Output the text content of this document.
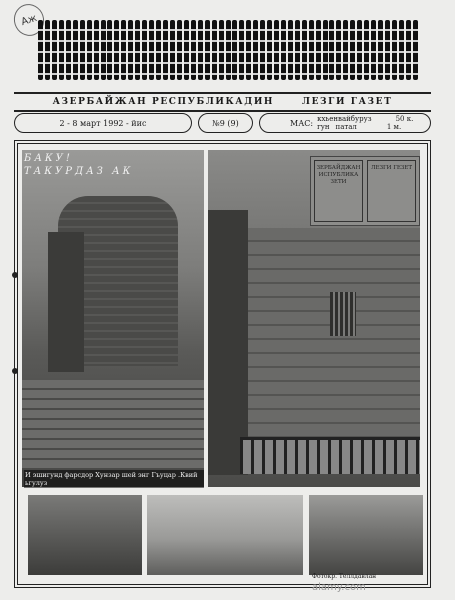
Аж
АЗЕРБАЙЖАН РЕСПУБЛИКАДИН	ЛЕЗГИ ГАЗЕТ
2 - 8 март 1992 - йис	№9 (9)	МАС: кхьенвайбуруз	50 к.
гун патал	1 м.
БАКУ!
ТАКУРДАЗ АК
И эшигунд фарсдор Хунзар шей энг Гъуцар .Квий ьгулуз
ЗЕРБАЙДЖАН ИСПУБЛИКА ЗЕТИ
ЛЕЗГИ ГЕЗЕТ
Фотокр. Теллдавлан
alamy.com
